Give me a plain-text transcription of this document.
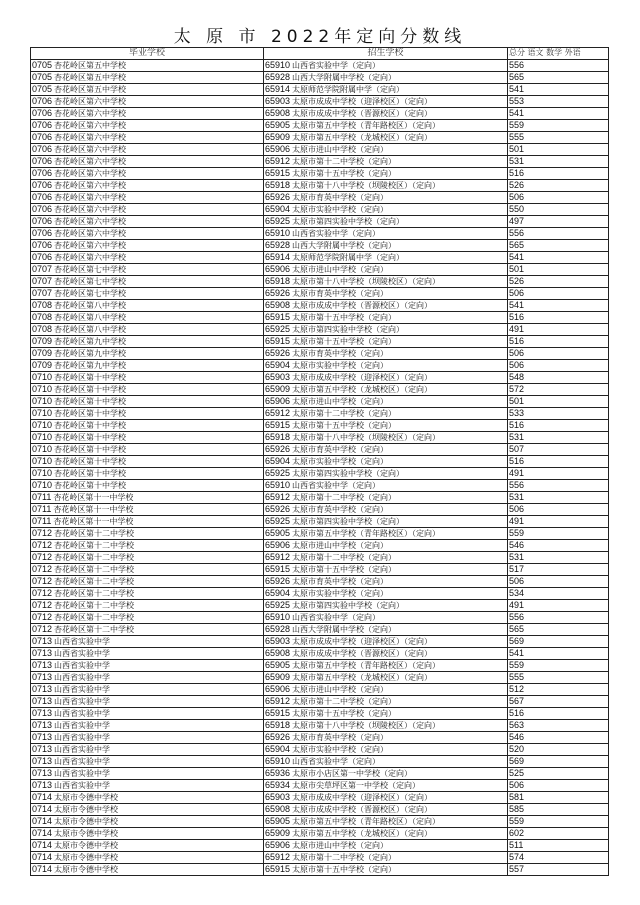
太 原 市 2022年定向分数线
毕业学校	招生学校	总分 语文 数学 外语
0705 杏花岭区第五中学校	65910 山西省实验中学（定向）	556
0705 杏花岭区第五中学校	65928 山西大学附属中学校（定向）	565
0705 杏花岭区第五中学校	65914 太原师范学院附属中学（定向）	541
0706 杏花岭区第六中学校	65903 太原市成成中学校（迎泽校区）（定向）	553
0706 杏花岭区第六中学校	65908 太原市成成中学校（晋源校区）（定向）	541
0706 杏花岭区第六中学校	65905 太原市第五中学校（青年路校区）（定向）	559
0706 杏花岭区第六中学校	65909 太原市第五中学校（龙城校区）（定向）	555
0706 杏花岭区第六中学校	65906 太原市进山中学校（定向）	501
0706 杏花岭区第六中学校	65912 太原市第十二中学校（定向）	531
0706 杏花岭区第六中学校	65915 太原市第十五中学校（定向）	516
0706 杏花岭区第六中学校	65918 太原市第十八中学校（坝陵校区）（定向）	526
0706 杏花岭区第六中学校	65926 太原市育英中学校（定向）	506
0706 杏花岭区第六中学校	65904 太原市实验中学校（定向）	550
0706 杏花岭区第六中学校	65925 太原市第四实验中学校（定向）	497
0706 杏花岭区第六中学校	65910 山西省实验中学（定向）	556
0706 杏花岭区第六中学校	65928 山西大学附属中学校（定向）	565
0706 杏花岭区第六中学校	65914 太原师范学院附属中学（定向）	541
0707 杏花岭区第七中学校	65906 太原市进山中学校（定向）	501
0707 杏花岭区第七中学校	65918 太原市第十八中学校（坝陵校区）（定向）	526
0707 杏花岭区第七中学校	65926 太原市育英中学校（定向）	506
0708 杏花岭区第八中学校	65908 太原市成成中学校（晋源校区）（定向）	541
0708 杏花岭区第八中学校	65915 太原市第十五中学校（定向）	516
0708 杏花岭区第八中学校	65925 太原市第四实验中学校（定向）	491
0709 杏花岭区第九中学校	65915 太原市第十五中学校（定向）	516
0709 杏花岭区第九中学校	65926 太原市育英中学校（定向）	506
0709 杏花岭区第九中学校	65904 太原市实验中学校（定向）	506
0710 杏花岭区第十中学校	65903 太原市成成中学校（迎泽校区）（定向）	548
0710 杏花岭区第十中学校	65909 太原市第五中学校（龙城校区）（定向）	572
0710 杏花岭区第十中学校	65906 太原市进山中学校（定向）	501
0710 杏花岭区第十中学校	65912 太原市第十二中学校（定向）	533
0710 杏花岭区第十中学校	65915 太原市第十五中学校（定向）	516
0710 杏花岭区第十中学校	65918 太原市第十八中学校（坝陵校区）（定向）	531
0710 杏花岭区第十中学校	65926 太原市育英中学校（定向）	507
0710 杏花岭区第十中学校	65904 太原市实验中学校（定向）	516
0710 杏花岭区第十中学校	65925 太原市第四实验中学校（定向）	491
0710 杏花岭区第十中学校	65910 山西省实验中学（定向）	556
0711 杏花岭区第十一中学校	65912 太原市第十二中学校（定向）	531
0711 杏花岭区第十一中学校	65926 太原市育英中学校（定向）	506
0711 杏花岭区第十一中学校	65925 太原市第四实验中学校（定向）	491
0712 杏花岭区第十二中学校	65905 太原市第五中学校（青年路校区）（定向）	559
0712 杏花岭区第十二中学校	65906 太原市进山中学校（定向）	546
0712 杏花岭区第十二中学校	65912 太原市第十二中学校（定向）	531
0712 杏花岭区第十二中学校	65915 太原市第十五中学校（定向）	517
0712 杏花岭区第十二中学校	65926 太原市育英中学校（定向）	506
0712 杏花岭区第十二中学校	65904 太原市实验中学校（定向）	534
0712 杏花岭区第十二中学校	65925 太原市第四实验中学校（定向）	491
0712 杏花岭区第十二中学校	65910 山西省实验中学（定向）	556
0712 杏花岭区第十二中学校	65928 山西大学附属中学校（定向）	565
0713 山西省实验中学	65903 太原市成成中学校（迎泽校区）（定向）	569
0713 山西省实验中学	65908 太原市成成中学校（晋源校区）（定向）	541
0713 山西省实验中学	65905 太原市第五中学校（青年路校区）（定向）	559
0713 山西省实验中学	65909 太原市第五中学校（龙城校区）（定向）	555
0713 山西省实验中学	65906 太原市进山中学校（定向）	512
0713 山西省实验中学	65912 太原市第十二中学校（定向）	567
0713 山西省实验中学	65915 太原市第十五中学校（定向）	516
0713 山西省实验中学	65918 太原市第十八中学校（坝陵校区）（定向）	563
0713 山西省实验中学	65926 太原市育英中学校（定向）	546
0713 山西省实验中学	65904 太原市实验中学校（定向）	520
0713 山西省实验中学	65910 山西省实验中学（定向）	569
0713 山西省实验中学	65936 太原市小店区第一中学校（定向）	525
0713 山西省实验中学	65934 太原市尖草坪区第一中学校（定向）	506
0714 太原市令德中学校	65903 太原市成成中学校（迎泽校区）（定向）	581
0714 太原市令德中学校	65908 太原市成成中学校（晋源校区）（定向）	585
0714 太原市令德中学校	65905 太原市第五中学校（青年路校区）（定向）	559
0714 太原市令德中学校	65909 太原市第五中学校（龙城校区）（定向）	602
0714 太原市令德中学校	65906 太原市进山中学校（定向）	511
0714 太原市令德中学校	65912 太原市第十二中学校（定向）	574
0714 太原市令德中学校	65915 太原市第十五中学校（定向）	557
